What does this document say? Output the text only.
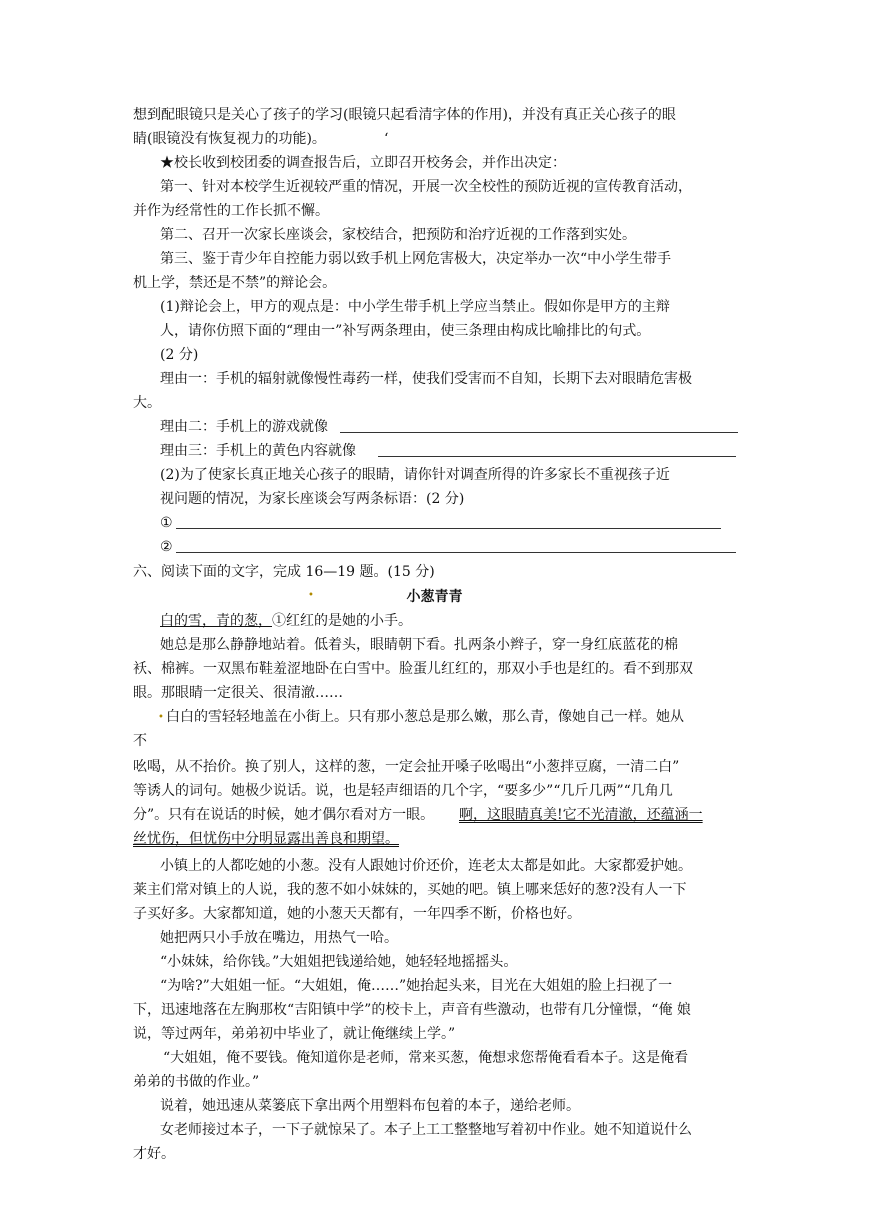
想到配眼镜只是关心了孩子的学习(眼镜只起看清字体的作用)，并没有真正关心孩子的眼
睛(眼镜没有恢复视力的功能)。	‘
★校长收到校团委的调查报告后，立即召开校务会，并作出决定：
第一、针对本校学生近视较严重的情况，开展一次全校性的预防近视的宣传教育活动，
并作为经常性的工作长抓不懈。
第二、召开一次家长座谈会，家校结合，把预防和治疗近视的工作落到实处。
第三、鉴于青少年自控能力弱以致手机上网危害极大，决定举办一次“中小学生带手
机上学，禁还是不禁”的辩论会。
(1)辩论会上，甲方的观点是：中小学生带手机上学应当禁止。假如你是甲方的主辩
人，请你仿照下面的“理由一”补写两条理由，使三条理由构成比喻排比的句式。
(2 分)
理由一：手机的辐射就像慢性毒药一样，使我们受害而不自知，长期下去对眼睛危害极
大。
理由二：手机上的游戏就像
理由三：手机上的黄色内容就像
(2)为了使家长真正地关心孩子的眼睛，请你针对调查所得的许多家长不重视孩子近
视问题的情况，为家长座谈会写两条标语：(2 分)
①
②
六、阅读下面的文字，完成 16—19 题。(15 分)
小葱青青
•
白的雪，青的葱， ①红红的是她的小手。
她总是那么静静地站着。低着头，眼睛朝下看。扎两条小辫子，穿一身红底蓝花的棉
袄、棉裤。一双黑布鞋羞涩地卧在白雪中。脸蛋儿红红的，那双小手也是红的。看不到那双
眼。那眼睛一定很关、很清澈……
• 白白的雪轻轻地盖在小街上。只有那小葱总是那么嫩，那么青，像她自己一样。她从
不
吆喝，从不抬价。换了别人，这样的葱，一定会扯开嗓子吆喝出“小葱拌豆腐，一清二白”
等诱人的词句。她极少说话。说，也是轻声细语的几个字，“要多少”“几斤几两”“几角几
分”。只有在说话的时候，她才偶尔看对方一眼。 啊，这眼睛真美!它不光清澈，还蕴涵一
丝忧伤，但忧伤中分明显露出善良和期望。
小镇上的人都吃她的小葱。没有人跟她讨价还价，连老太太都是如此。大家都爱护她。
莱主们常对镇上的人说，我的葱不如小妹妹的，买她的吧。镇上哪来恁好的葱?没有人一下
子买好多。大家都知道，她的小葱天天都有，一年四季不断，价格也好。
她把两只小手放在嘴边，用热气一哈。
“小妹妹，给你钱。”大姐姐把钱递给她，她轻轻地摇摇头。
“为啥?”大姐姐一怔。“大姐姐，俺……”她抬起头来，目光在大姐姐的脸上扫视了一
下，迅速地落在左胸那枚“吉阳镇中学”的校卡上，声音有些激动，也带有几分憧憬，“俺 娘
说，等过两年，弟弟初中毕业了，就让俺继续上学。”
“大姐姐，俺不要钱。俺知道你是老师，常来买葱，俺想求您帮俺看看本子。这是俺看
弟弟的书做的作业。”
说着，她迅速从菜篓底下拿出两个用塑料布包着的本子，递给老师。
女老师接过本子，一下子就惊呆了。本子上工工整整地写着初中作业。她不知道说什么
才好。
